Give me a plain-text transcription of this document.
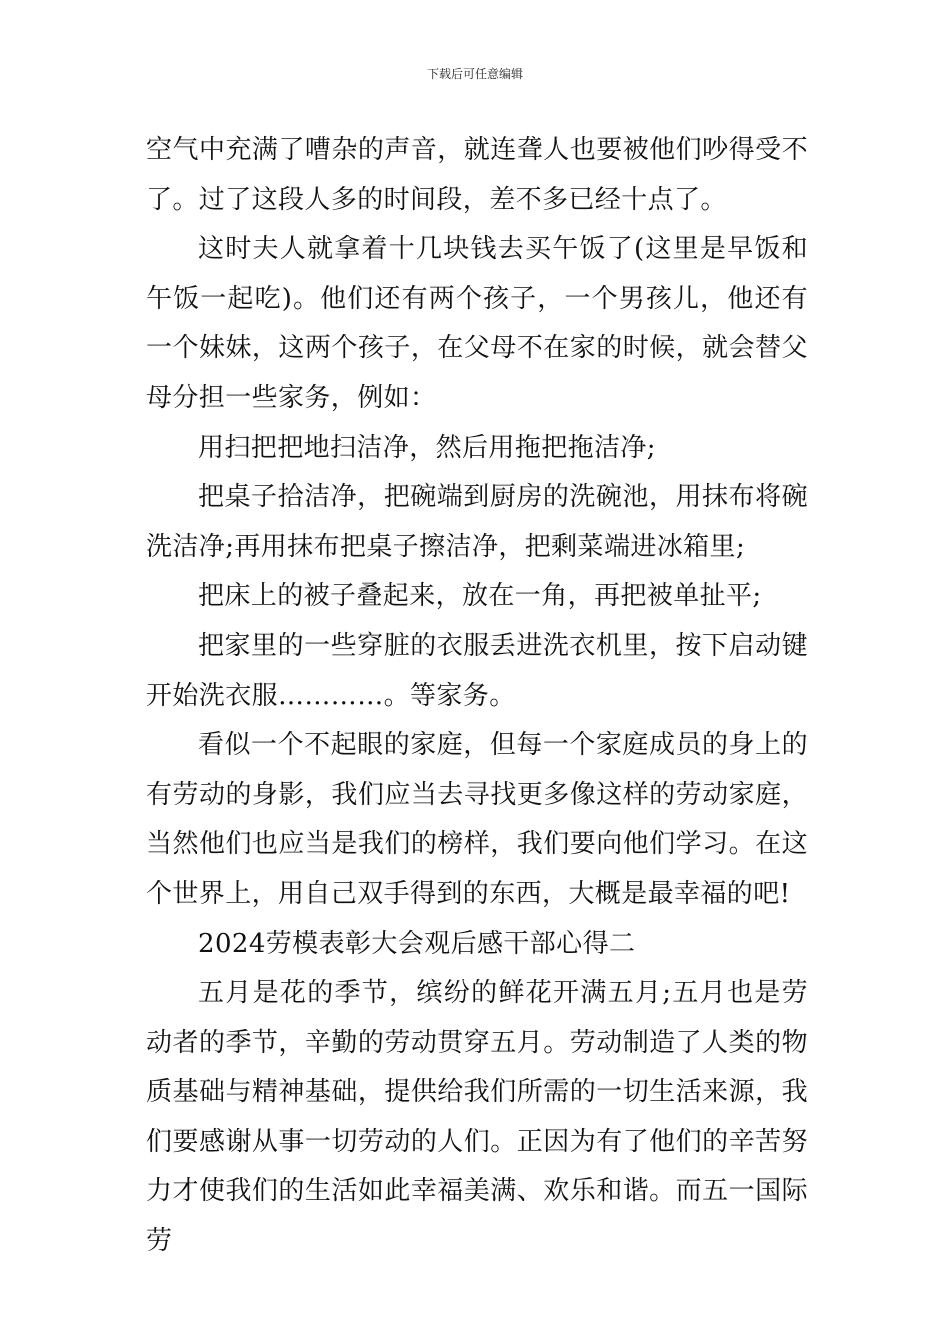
下载后可任意编辑

空气中充满了嘈杂的声音，就连聋人也要被他们吵得受不了。过了这段人多的时间段，差不多已经十点了。

这时夫人就拿着十几块钱去买午饭了(这里是早饭和午饭一起吃)。他们还有两个孩子，一个男孩儿，他还有一个妹妹，这两个孩子，在父母不在家的时候，就会替父母分担一些家务，例如：

用扫把把地扫洁净，然后用拖把拖洁净;

把桌子拾洁净，把碗端到厨房的洗碗池，用抹布将碗洗洁净;再用抹布把桌子擦洁净，把剩菜端进冰箱里;

把床上的被子叠起来，放在一角，再把被单扯平;

把家里的一些穿脏的衣服丢进洗衣机里，按下启动键开始洗衣服…………。等家务。

看似一个不起眼的家庭，但每一个家庭成员的身上的有劳动的身影，我们应当去寻找更多像这样的劳动家庭，当然他们也应当是我们的榜样，我们要向他们学习。在这个世界上，用自己双手得到的东西，大概是最幸福的吧!

2024劳模表彰大会观后感干部心得二

五月是花的季节，缤纷的鲜花开满五月;五月也是劳动者的季节，辛勤的劳动贯穿五月。劳动制造了人类的物质基础与精神基础，提供给我们所需的一切生活来源，我们要感谢从事一切劳动的人们。正因为有了他们的辛苦努力才使我们的生活如此幸福美满、欢乐和谐。而五一国际劳
